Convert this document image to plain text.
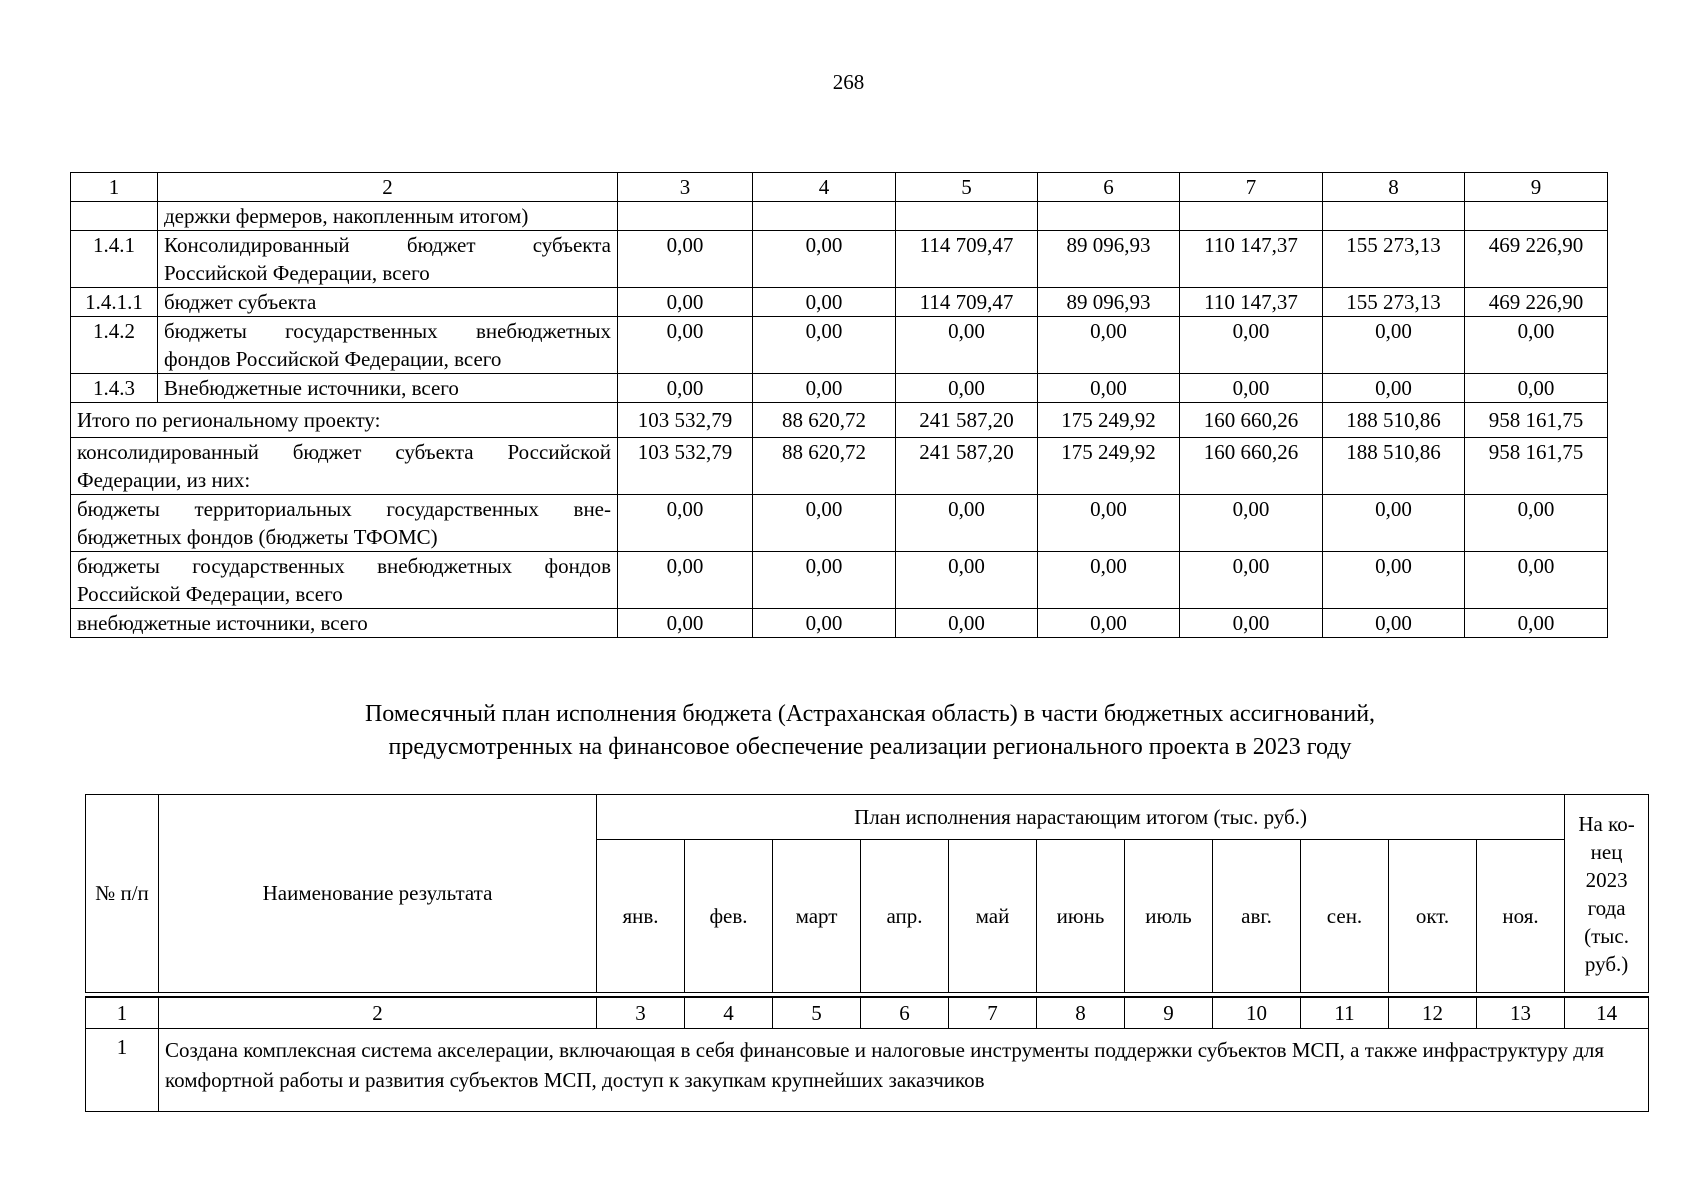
268
1	2	3	4	5	6	7	8	9
	держки фермеров, накопленным итогом)							
1.4.1	Консолидированный бюджет субъекта Российской Федерации, всего	0,00	0,00	114 709,47	89 096,93	110 147,37	155 273,13	469 226,90
1.4.1.1	бюджет субъекта	0,00	0,00	114 709,47	89 096,93	110 147,37	155 273,13	469 226,90
1.4.2	бюджеты государственных внебюджетных фондов Российской Федерации, всего	0,00	0,00	0,00	0,00	0,00	0,00	0,00
1.4.3	Внебюджетные источники, всего	0,00	0,00	0,00	0,00	0,00	0,00	0,00
Итого по региональному проекту:		103 532,79	88 620,72	241 587,20	175 249,92	160 660,26	188 510,86	958 161,75
консолидированный бюджет субъекта Российской Федерации, из них:		103 532,79	88 620,72	241 587,20	175 249,92	160 660,26	188 510,86	958 161,75
бюджеты территориальных государственных вне-бюджетных фондов (бюджеты ТФОМС)		0,00	0,00	0,00	0,00	0,00	0,00	0,00
бюджеты государственных внебюджетных фондов Российской Федерации, всего		0,00	0,00	0,00	0,00	0,00	0,00	0,00
внебюджетные источники, всего		0,00	0,00	0,00	0,00	0,00	0,00	0,00
Помесячный план исполнения бюджета (Астраханская область) в части бюджетных ассигнований,
предусмотренных на финансовое обеспечение реализации регионального проекта в 2023 году
№ п/п	Наименование результата	План исполнения нарастающим итогом (тыс. руб.)											На ко-нец 2023 года (тыс. руб.)
		янв.	фев.	март	апр.	май	июнь	июль	авг.	сен.	окт.	ноя.	

1	2	3	4	5	6	7	8	9	10	11	12	13	14
1	Создана комплексная система акселерации, включающая в себя финансовые и налоговые инструменты поддержки субъектов МСП, а также инфраструктуру для комфортной работы и развития субъектов МСП, доступ к закупкам крупнейших заказчиков												
